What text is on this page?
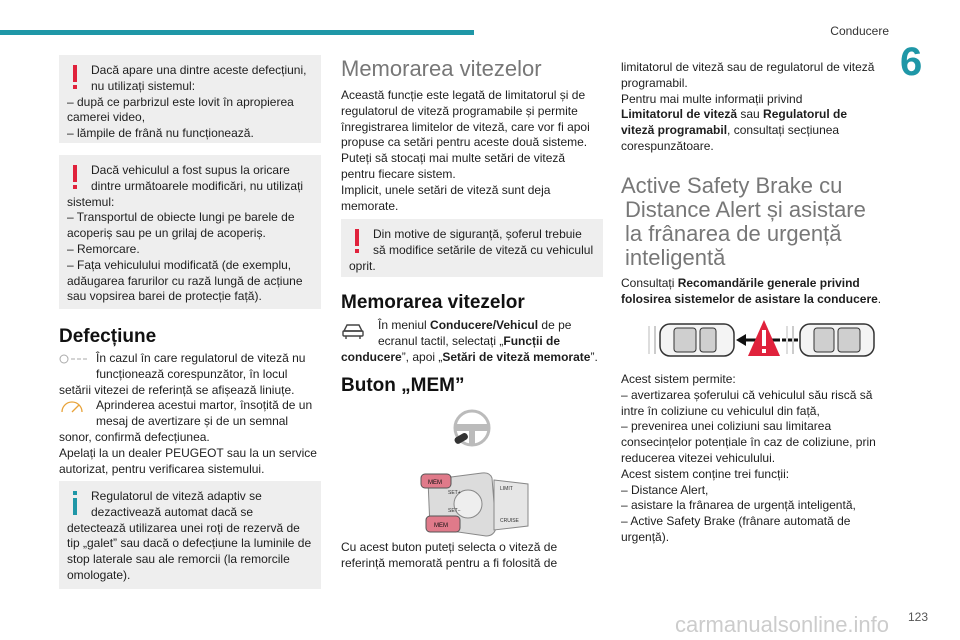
Conducere
6
Dacă apare una dintre aceste defecțiuni,
nu utilizați sistemul:
– după ce parbrizul este lovit în apropierea
camerei video,
– lămpile de frână nu funcționează.
Dacă vehiculul a fost supus la oricare
dintre următoarele modificări, nu utilizați
sistemul:
– Transportul de obiecte lungi pe barele de
acoperiș sau pe un grilaj de acoperiș.
– Remorcare.
– Fața vehiculului modificată (de exemplu,
adăugarea farurilor cu rază lungă de acțiune
sau vopsirea barei de protecție față).
Defecțiune
În cazul în care regulatorul de viteză nu
funcționează corespunzător, în locul
setării vitezei de referință se afișează liniuțe.
Aprinderea acestui martor, însoțită de un
mesaj de avertizare și de un semnal
sonor, confirmă defecțiunea.
Apelați la un dealer PEUGEOT sau la un service
autorizat, pentru verificarea sistemului.
Regulatorul de viteză adaptiv se
dezactivează automat dacă se
detectează utilizarea unei roți de rezervă de
tip „galet” sau dacă o defecțiune la luminile de
stop laterale sau ale remorcii (la remorcile
omologate).
Memorarea vitezelor
Această funcție este legată de limitatorul și de
regulatorul de viteză programabile și permite
înregistrarea limitelor de viteză, care vor fi apoi
propuse ca setări pentru aceste două sisteme.
Puteți să stocați mai multe setări de viteză
pentru fiecare sistem.
Implicit, unele setări de viteză sunt deja
memorate.
Din motive de siguranță, șoferul trebuie
să modifice setările de viteză cu vehiculul
oprit.
Memorarea vitezelor
În meniul Conducere/Vehicul de pe
ecranul tactil, selectați „Funcții de
conducere”, apoi „Setări de viteză memorate”.
Buton „MEM”
MEM
MEM
SET+
SET−
LIMIT
CRUISE
Cu acest buton puteți selecta o viteză de
referință memorată pentru a fi folosită de
limitatorul de viteză sau de regulatorul de viteză
programabil.
Pentru mai multe informații privind
Limitatorul de viteză sau Regulatorul de
viteză programabil, consultați secțiunea
corespunzătoare.
Active Safety Brake cu
Distance Alert și asistare
la frânarea de urgență
inteligentă
Consultați Recomandările generale privind
folosirea sistemelor de asistare la conducere.
Acest sistem permite:
– avertizarea șoferului că vehiculul său riscă să
intre în coliziune cu vehiculul din față,
– prevenirea unei coliziuni sau limitarea
consecințelor potențiale în caz de coliziune, prin
reducerea vitezei vehiculului.
Acest sistem conține trei funcții:
– Distance Alert,
– asistare la frânarea de urgență inteligentă,
– Active Safety Brake (frânare automată de
urgență).
carmanualsonline.info 123
